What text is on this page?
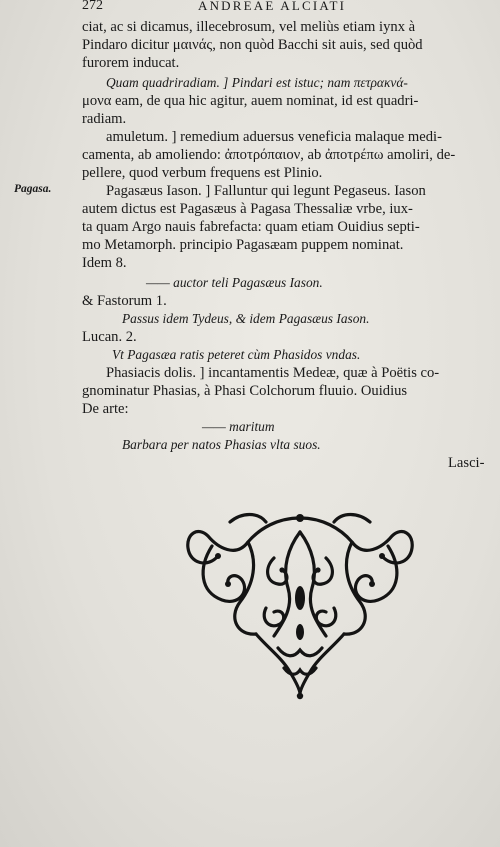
272	ANDREAE ALCIATI
Pagasa.
ciat, ac si dicamus, illecebrosum, vel meliùs etiam iynx à
Pindaro dicitur μαινάς, non quòd Bacchi sit auis, sed quòd
furorem inducat.
Quam quadriradiam. ] Pindari est istuc; nam πετρακνά-
μονα eam, de qua hic agitur, auem nominat, id est quadri-
radiam.
amuletum. ] remedium aduersus veneficia malaque medi-
camenta, ab amoliendo: ἀποτρόπαιον, ab ἀποτρέπω amoliri, de-
pellere, quod verbum frequens est Plinio.
Pagasæus Iason. ] Falluntur qui legunt Pegaseus. Iason
autem dictus est Pagasæus à Pagasa Thessaliæ vrbe, iux-
ta quam Argo nauis fabrefacta: quam etiam Ouidius septi-
mo Metamorph. principio Pagasæam puppem nominat.
Idem 8.
—— auctor teli Pagasæus Iason.
& Fastorum 1.
Passus idem Tydeus, & idem Pagasæus Iason.
Lucan. 2.
Vt Pagasæa ratis peteret cùm Phasidos vndas.
Phasiacis dolis. ] incantamentis Medeæ, quæ à Poëtis co-
gnominatur Phasias, à Phasi Colchorum fluuio. Ouidius
De arte:
—— maritum
Barbara per natos Phasias vlta suos.
Lasci-
